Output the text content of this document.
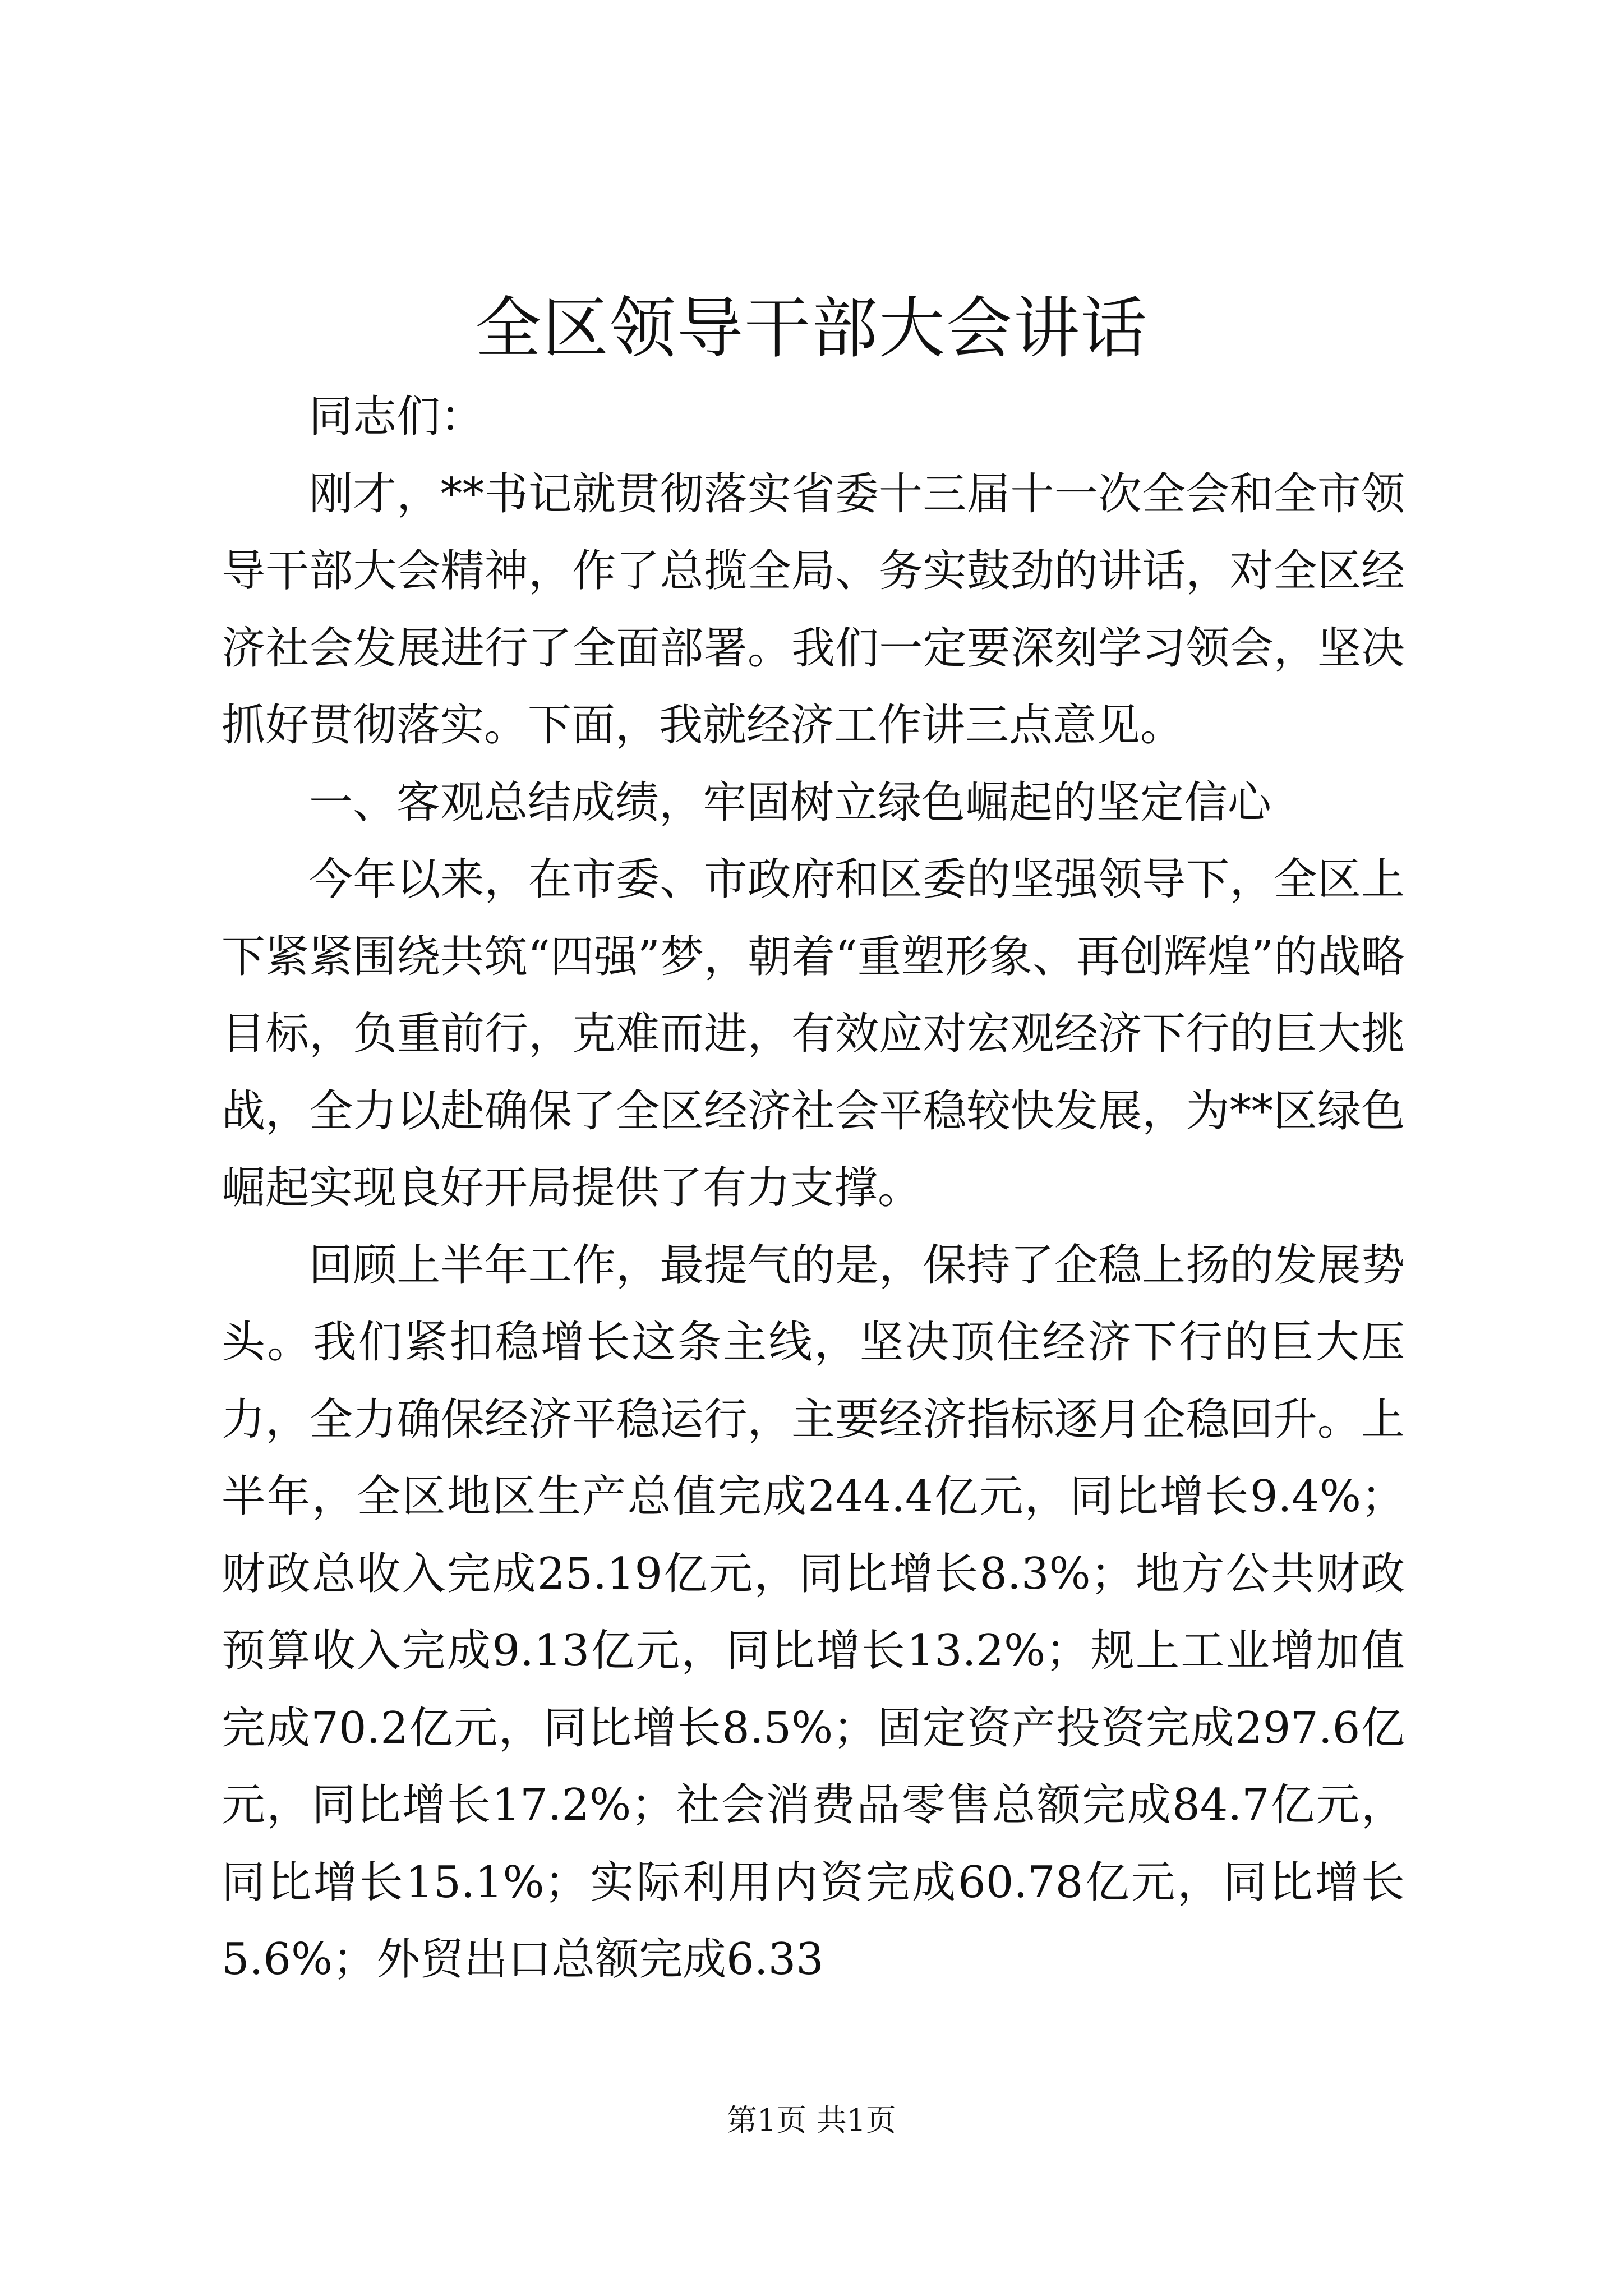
全区领导干部大会讲话

同志们：

刚才，**书记就贯彻落实省委十三届十一次全会和全市领导干部大会精神，作了总揽全局、务实鼓劲的讲话，对全区经济社会发展进行了全面部署。我们一定要深刻学习领会，坚决抓好贯彻落实。下面，我就经济工作讲三点意见。

一、客观总结成绩，牢固树立绿色崛起的坚定信心

今年以来，在市委、市政府和区委的坚强领导下，全区上下紧紧围绕共筑“四强”梦，朝着“重塑形象、再创辉煌”的战略目标，负重前行，克难而进，有效应对宏观经济下行的巨大挑战，全力以赴确保了全区经济社会平稳较快发展，为**区绿色崛起实现良好开局提供了有力支撑。

回顾上半年工作，最提气的是，保持了企稳上扬的发展势头。我们紧扣稳增长这条主线，坚决顶住经济下行的巨大压力，全力确保经济平稳运行，主要经济指标逐月企稳回升。上半年，全区地区生产总值完成244.4亿元，同比增长9.4%；财政总收入完成25.19亿元，同比增长8.3%；地方公共财政预算收入完成9.13亿元，同比增长13.2%；规上工业增加值完成70.2亿元，同比增长8.5%；固定资产投资完成297.6亿元，同比增长17.2%；社会消费品零售总额完成84.7亿元，同比增长15.1%；实际利用内资完成60.78亿元，同比增长5.6%；外贸出口总额完成6.33

第1页 共1页
